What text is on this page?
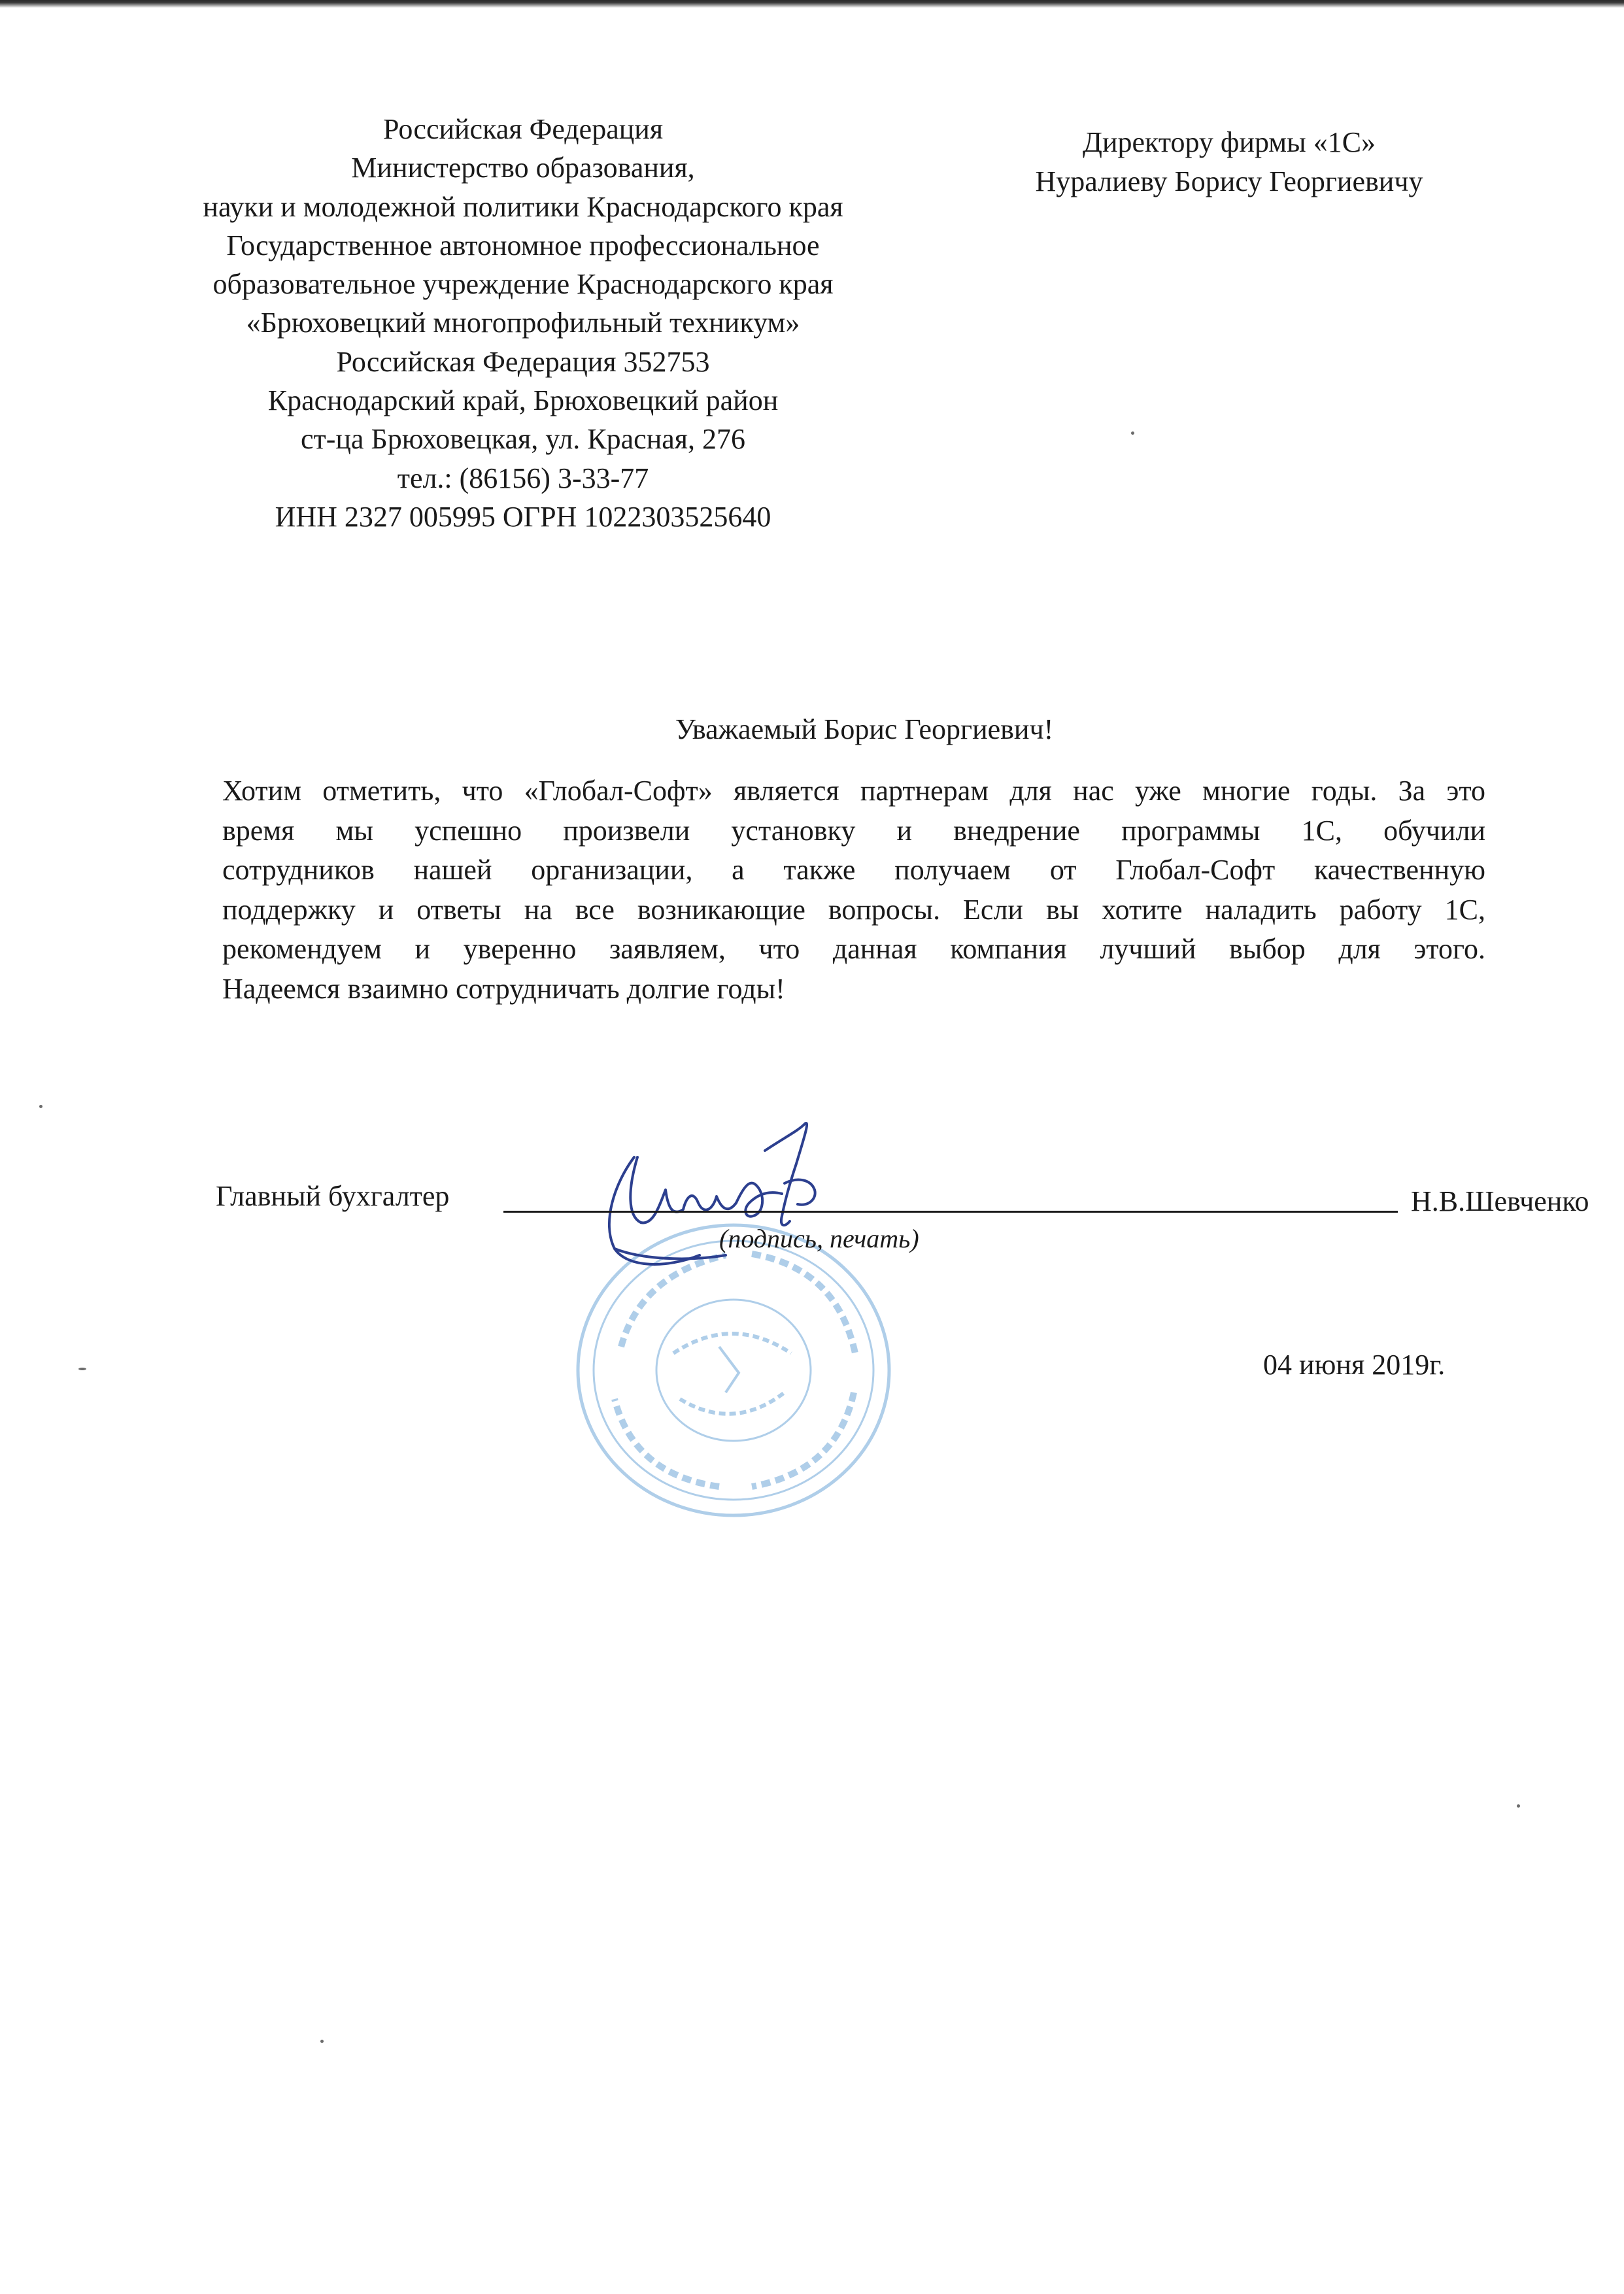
Российская Федерация
Министерство образования,
науки и молодежной политики Краснодарского края
Государственное автономное профессиональное
образовательное учреждение Краснодарского края
«Брюховецкий многопрофильный техникум»
Российская Федерация 352753
Краснодарский край, Брюховецкий район
ст-ца Брюховецкая, ул. Красная, 276
тел.: (86156) 3-33-77
ИНН 2327 005995 ОГРН 1022303525640
Директору фирмы «1С»
Нуралиеву Борису Георгиевичу
Уважаемый Борис Георгиевич!
Хотим отметить, что «Глобал-Софт» является партнерам для нас уже многие годы. За это
время мы успешно произвели установку и внедрение программы 1С, обучили
сотрудников нашей организации, а также получаем от Глобал-Софт качественную
поддержку и ответы на все возникающие вопросы. Если вы хотите наладить работу 1С,
рекомендуем и уверенно заявляем, что данная компания лучший выбор для этого.
Надеемся взаимно сотрудничать долгие годы!
Главный бухгалтер	Н.В.Шевченко
(подпись, печать)
04 июня 2019г.
